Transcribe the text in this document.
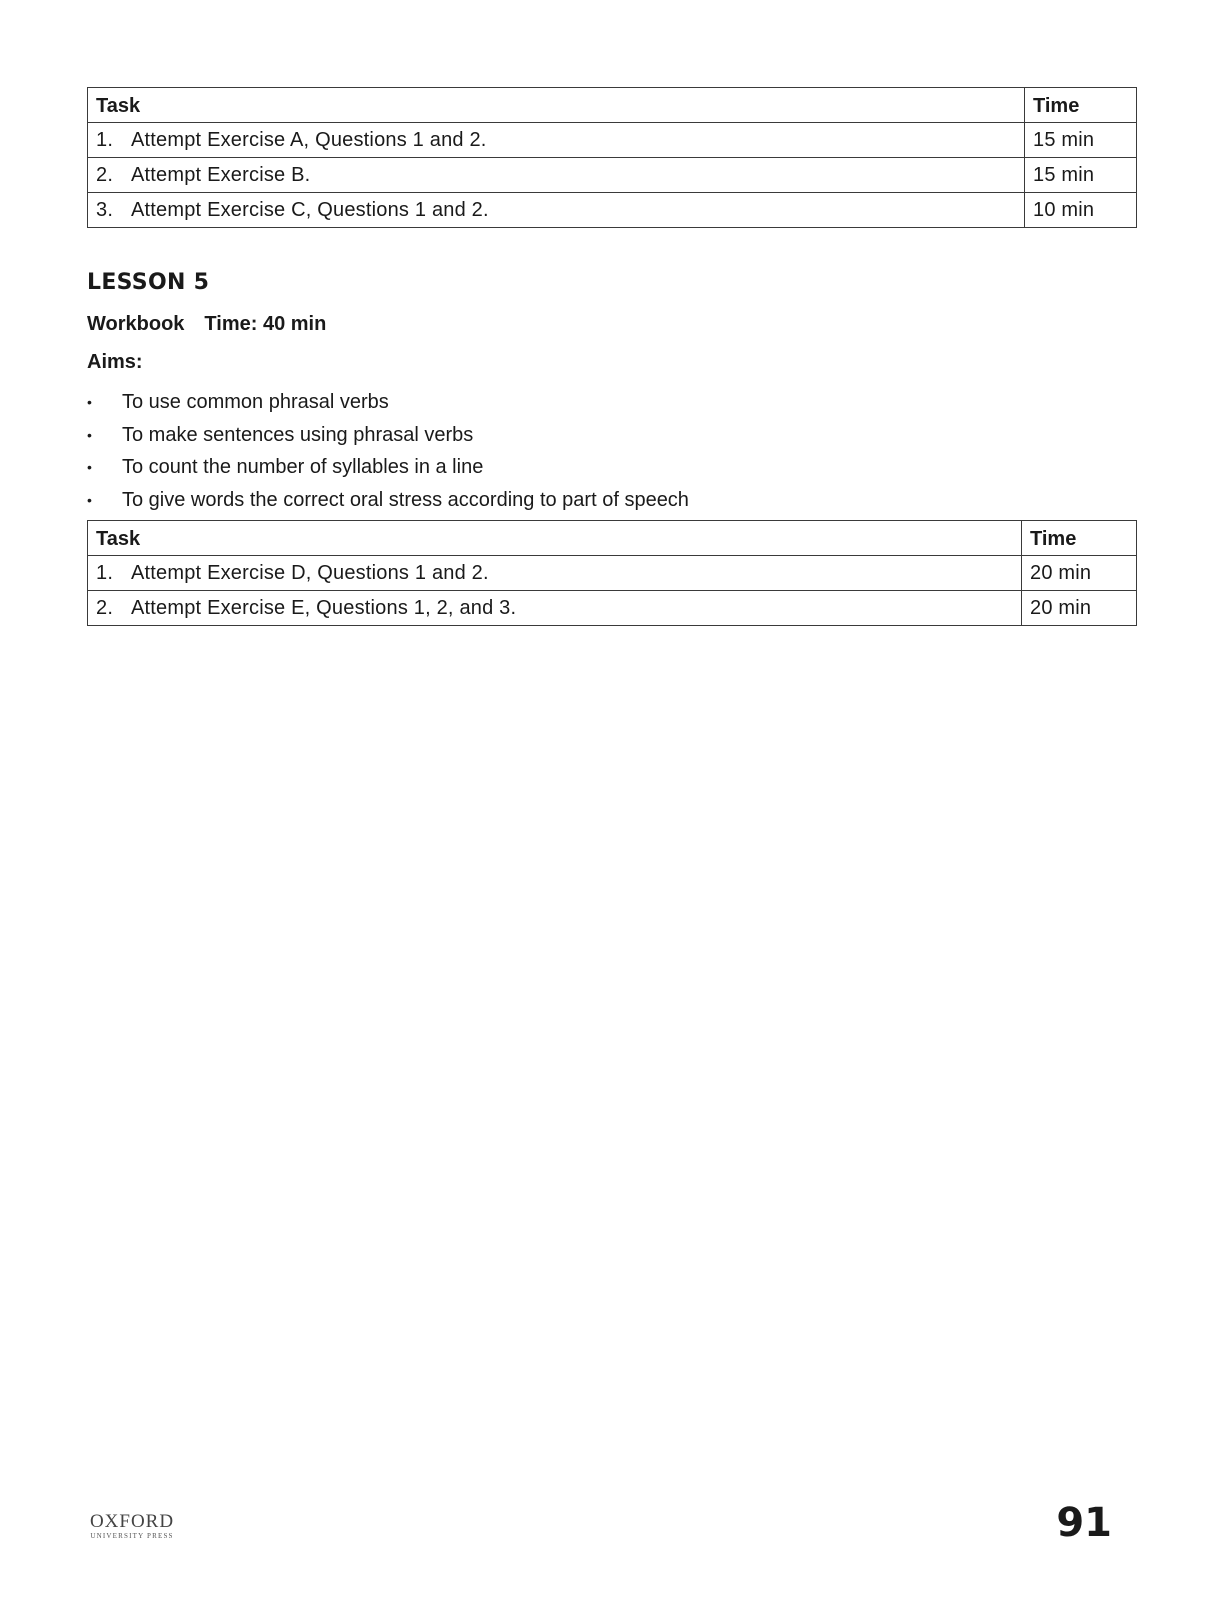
Task	Time
1. Attempt Exercise A, Questions 1 and 2.	15 min
2. Attempt Exercise B.	15 min
3. Attempt Exercise C, Questions 1 and 2.	10 min
LESSON 5
Workbook Time: 40 min
Aims:
• To use common phrasal verbs
• To make sentences using phrasal verbs
• To count the number of syllables in a line
• To give words the correct oral stress according to part of speech
Task	Time
1. Attempt Exercise D, Questions 1 and 2.	20 min
2. Attempt Exercise E, Questions 1, 2, and 3.	20 min
OXFORD
UNIVERSITY PRESS	91
